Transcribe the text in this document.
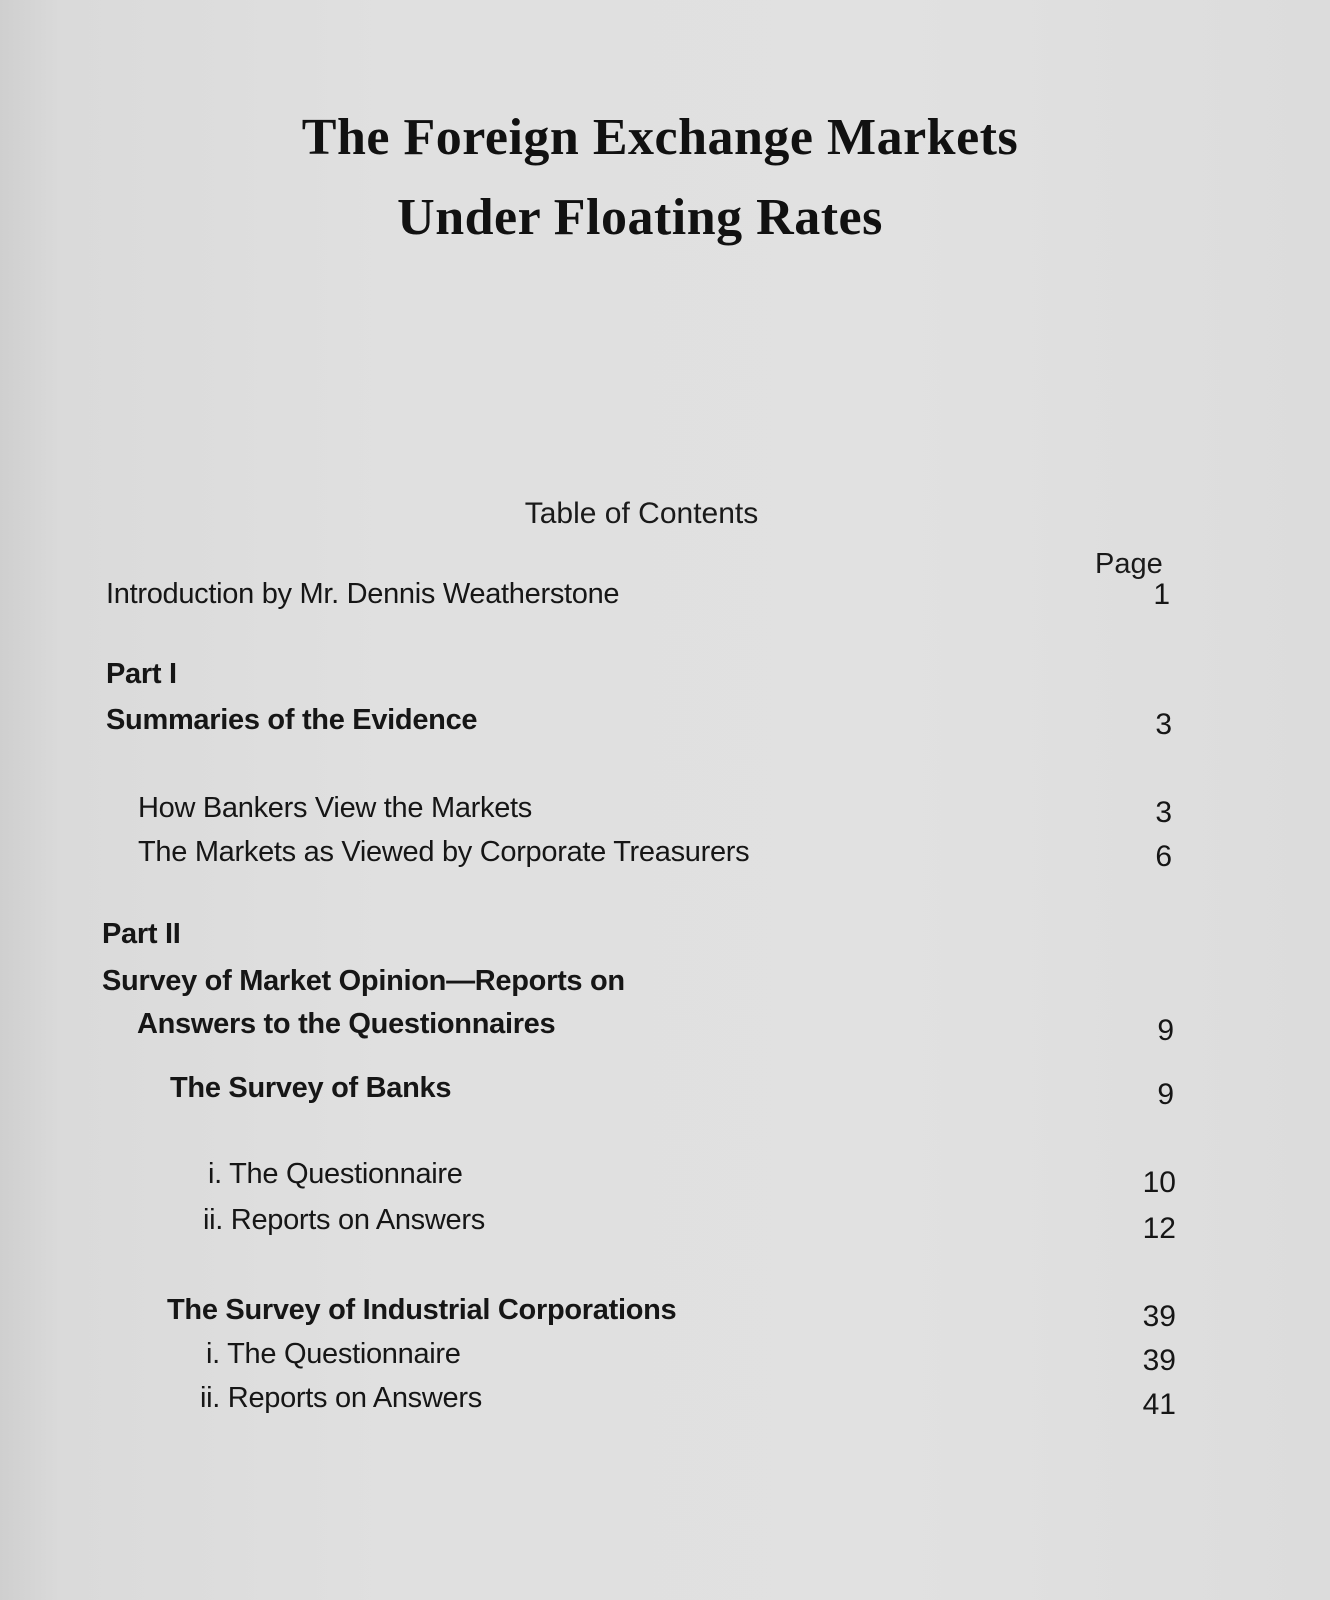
The Foreign Exchange Markets
Under Floating Rates
Table of Contents
Page
Introduction by Mr. Dennis Weatherstone	1
Part I
Summaries of the Evidence	3
How Bankers View the Markets	3
The Markets as Viewed by Corporate Treasurers	6
Part II
Survey of Market Opinion—Reports on
Answers to the Questionnaires	9
The Survey of Banks	9
i. The Questionnaire	10
ii. Reports on Answers	12
The Survey of Industrial Corporations	39
i. The Questionnaire	39
ii. Reports on Answers	41
